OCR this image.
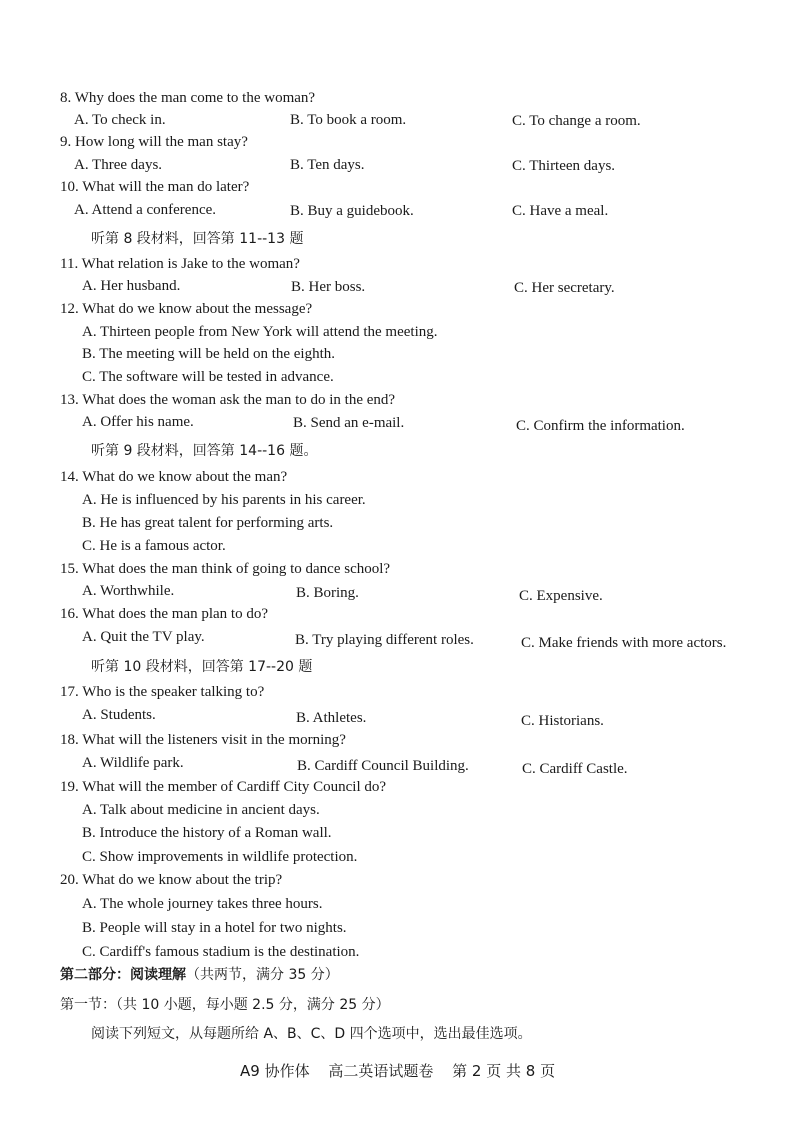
8. Why does the man come to the woman?
A. To check in.	B. To book a room.	C. To change a room.
9. How long will the man stay?
A. Three days.	B. Ten days.	C. Thirteen days.
10. What will the man do later?
A. Attend a conference.	B. Buy a guidebook.	C. Have a meal.
听第 8 段材料，回答第 11--13 题
11. What relation is Jake to the woman?
A. Her husband.	B. Her boss.	C. Her secretary.
12. What do we know about the message?
A. Thirteen people from New York will attend the meeting.
B. The meeting will be held on the eighth.
C. The software will be tested in advance.
13. What does the woman ask the man to do in the end?
A. Offer his name.	B. Send an e-mail.	C. Confirm the information.
听第 9 段材料，回答第 14--16 题。
14. What do we know about the man?
A. He is influenced by his parents in his career.
B. He has great talent for performing arts.
C. He is a famous actor.
15. What does the man think of going to dance school?
A. Worthwhile.	B. Boring.	C. Expensive.
16. What does the man plan to do?
A. Quit the TV play.	B. Try playing different roles.	C. Make friends with more actors.
听第 10 段材料，回答第 17--20 题
17. Who is the speaker talking to?
A. Students.	B. Athletes.	C. Historians.
18. What will the listeners visit in the morning?
A. Wildlife park.	B. Cardiff Council Building.	C. Cardiff Castle.
19. What will the member of Cardiff City Council do?
A. Talk about medicine in ancient days.
B. Introduce the history of a Roman wall.
C. Show improvements in wildlife protection.
20. What do we know about the trip?
A. The whole journey takes three hours.
B. People will stay in a hotel for two nights.
C. Cardiff's famous stadium is the destination.
第二部分：阅读理解（共两节，满分 35 分）
第一节：（共 10 小题，每小题 2.5 分，满分 25 分）
阅读下列短文，从每题所给 A、B、C、D 四个选项中，选出最佳选项。
A9 协作体 高二英语试题卷 第 2 页 共 8 页
